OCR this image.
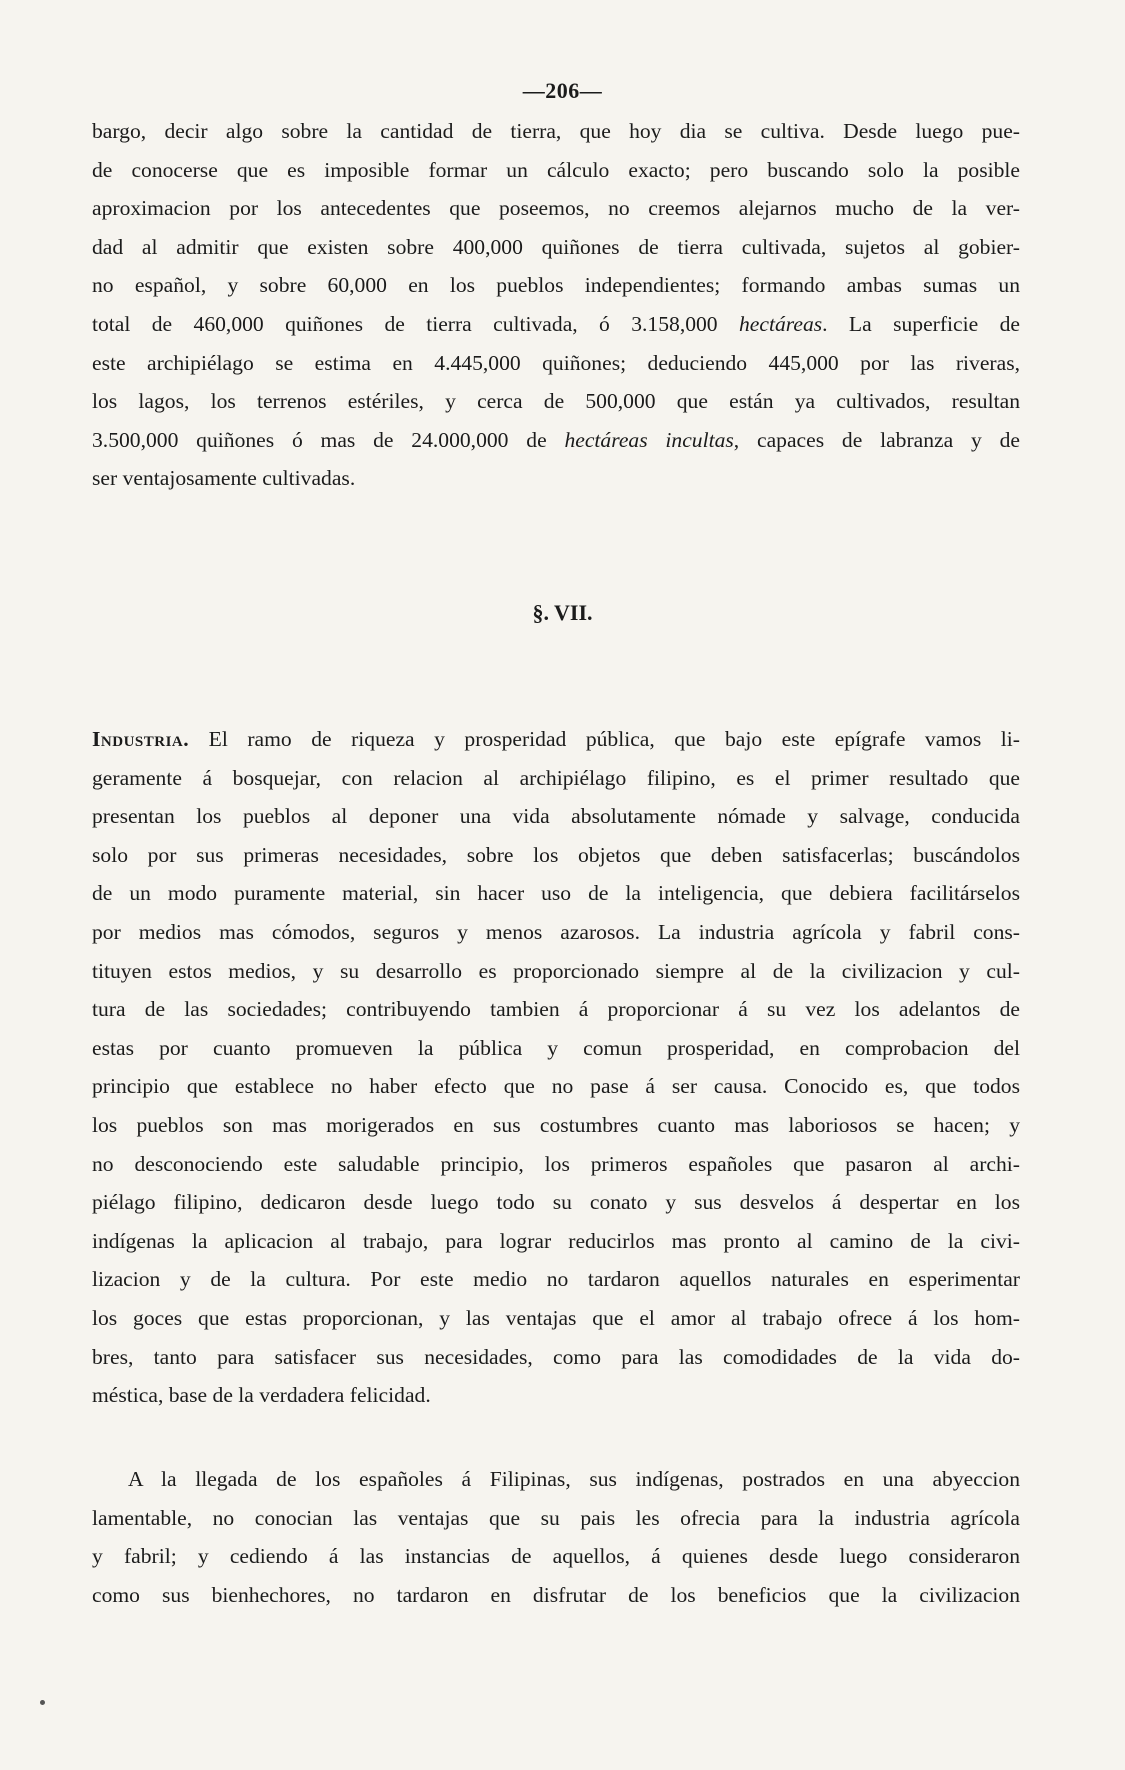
—206—
bargo, decir algo sobre la cantidad de tierra, que hoy dia se cultiva. Desde luego pue-
de conocerse que es imposible formar un cálculo exacto; pero buscando solo la posible
aproximacion por los antecedentes que poseemos, no creemos alejarnos mucho de la ver-
dad al admitir que existen sobre 400,000 quiñones de tierra cultivada, sujetos al gobier-
no español, y sobre 60,000 en los pueblos independientes; formando ambas sumas un
total de 460,000 quiñones de tierra cultivada, ó 3.158,000 hectáreas. La superficie de
este archipiélago se estima en 4.445,000 quiñones; deduciendo 445,000 por las riveras,
los lagos, los terrenos estériles, y cerca de 500,000 que están ya cultivados, resultan
3.500,000 quiñones ó mas de 24.000,000 de hectáreas incultas, capaces de labranza y de
ser ventajosamente cultivadas.
§. VII.
Industria. El ramo de riqueza y prosperidad pública, que bajo este epígrafe vamos li-
geramente á bosquejar, con relacion al archipiélago filipino, es el primer resultado que
presentan los pueblos al deponer una vida absolutamente nómade y salvage, conducida
solo por sus primeras necesidades, sobre los objetos que deben satisfacerlas; buscándolos
de un modo puramente material, sin hacer uso de la inteligencia, que debiera facilitárselos
por medios mas cómodos, seguros y menos azarosos. La industria agrícola y fabril cons-
tituyen estos medios, y su desarrollo es proporcionado siempre al de la civilizacion y cul-
tura de las sociedades; contribuyendo tambien á proporcionar á su vez los adelantos de
estas por cuanto promueven la pública y comun prosperidad, en comprobacion del
principio que establece no haber efecto que no pase á ser causa. Conocido es, que todos
los pueblos son mas morigerados en sus costumbres cuanto mas laboriosos se hacen; y
no desconociendo este saludable principio, los primeros españoles que pasaron al archi-
piélago filipino, dedicaron desde luego todo su conato y sus desvelos á despertar en los
indígenas la aplicacion al trabajo, para lograr reducirlos mas pronto al camino de la civi-
lizacion y de la cultura. Por este medio no tardaron aquellos naturales en esperimentar
los goces que estas proporcionan, y las ventajas que el amor al trabajo ofrece á los hom-
bres, tanto para satisfacer sus necesidades, como para las comodidades de la vida do-
méstica, base de la verdadera felicidad.
A la llegada de los españoles á Filipinas, sus indígenas, postrados en una abyeccion
lamentable, no conocian las ventajas que su pais les ofrecia para la industria agrícola
y fabril; y cediendo á las instancias de aquellos, á quienes desde luego consideraron
como sus bienhechores, no tardaron en disfrutar de los beneficios que la civilizacion
